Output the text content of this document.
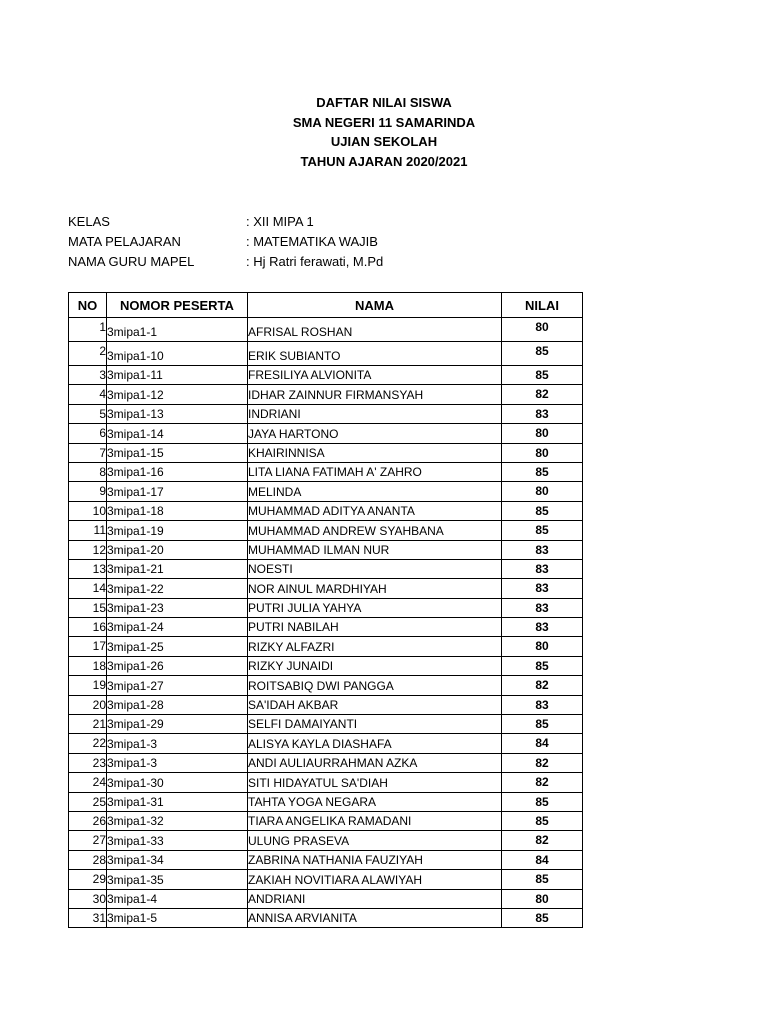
DAFTAR NILAI SISWA
SMA NEGERI 11 SAMARINDA
UJIAN SEKOLAH
TAHUN AJARAN 2020/2021
KELAS	: XII MIPA 1
MATA PELAJARAN	: MATEMATIKA WAJIB
NAMA GURU MAPEL	: Hj Ratri ferawati, M.Pd
NO	NOMOR PESERTA	NAMA	NILAI
1	3mipa1-1	AFRISAL ROSHAN	80
2	3mipa1-10	ERIK SUBIANTO	85
3	3mipa1-11	FRESILIYA ALVIONITA	85
4	3mipa1-12	IDHAR ZAINNUR FIRMANSYAH	82
5	3mipa1-13	INDRIANI	83
6	3mipa1-14	JAYA HARTONO	80
7	3mipa1-15	KHAIRINNISA	80
8	3mipa1-16	LITA LIANA FATIMAH A' ZAHRO	85
9	3mipa1-17	MELINDA	80
10	3mipa1-18	MUHAMMAD ADITYA ANANTA	85
11	3mipa1-19	MUHAMMAD ANDREW SYAHBANA	85
12	3mipa1-20	MUHAMMAD ILMAN NUR	83
13	3mipa1-21	NOESTI	83
14	3mipa1-22	NOR AINUL MARDHIYAH	83
15	3mipa1-23	PUTRI JULIA YAHYA	83
16	3mipa1-24	PUTRI NABILAH	83
17	3mipa1-25	RIZKY ALFAZRI	80
18	3mipa1-26	RIZKY JUNAIDI	85
19	3mipa1-27	ROITSABIQ DWI PANGGA	82
20	3mipa1-28	SA'IDAH AKBAR	83
21	3mipa1-29	SELFI DAMAIYANTI	85
22	3mipa1-3	ALISYA KAYLA DIASHAFA	84
23	3mipa1-3	ANDI AULIAURRAHMAN AZKA	82
24	3mipa1-30	SITI HIDAYATUL SA'DIAH	82
25	3mipa1-31	TAHTA YOGA NEGARA	85
26	3mipa1-32	TIARA ANGELIKA RAMADANI	85
27	3mipa1-33	ULUNG PRASEVA	82
28	3mipa1-34	ZABRINA NATHANIA FAUZIYAH	84
29	3mipa1-35	ZAKIAH NOVITIARA ALAWIYAH	85
30	3mipa1-4	ANDRIANI	80
31	3mipa1-5	ANNISA ARVIANITA	85
